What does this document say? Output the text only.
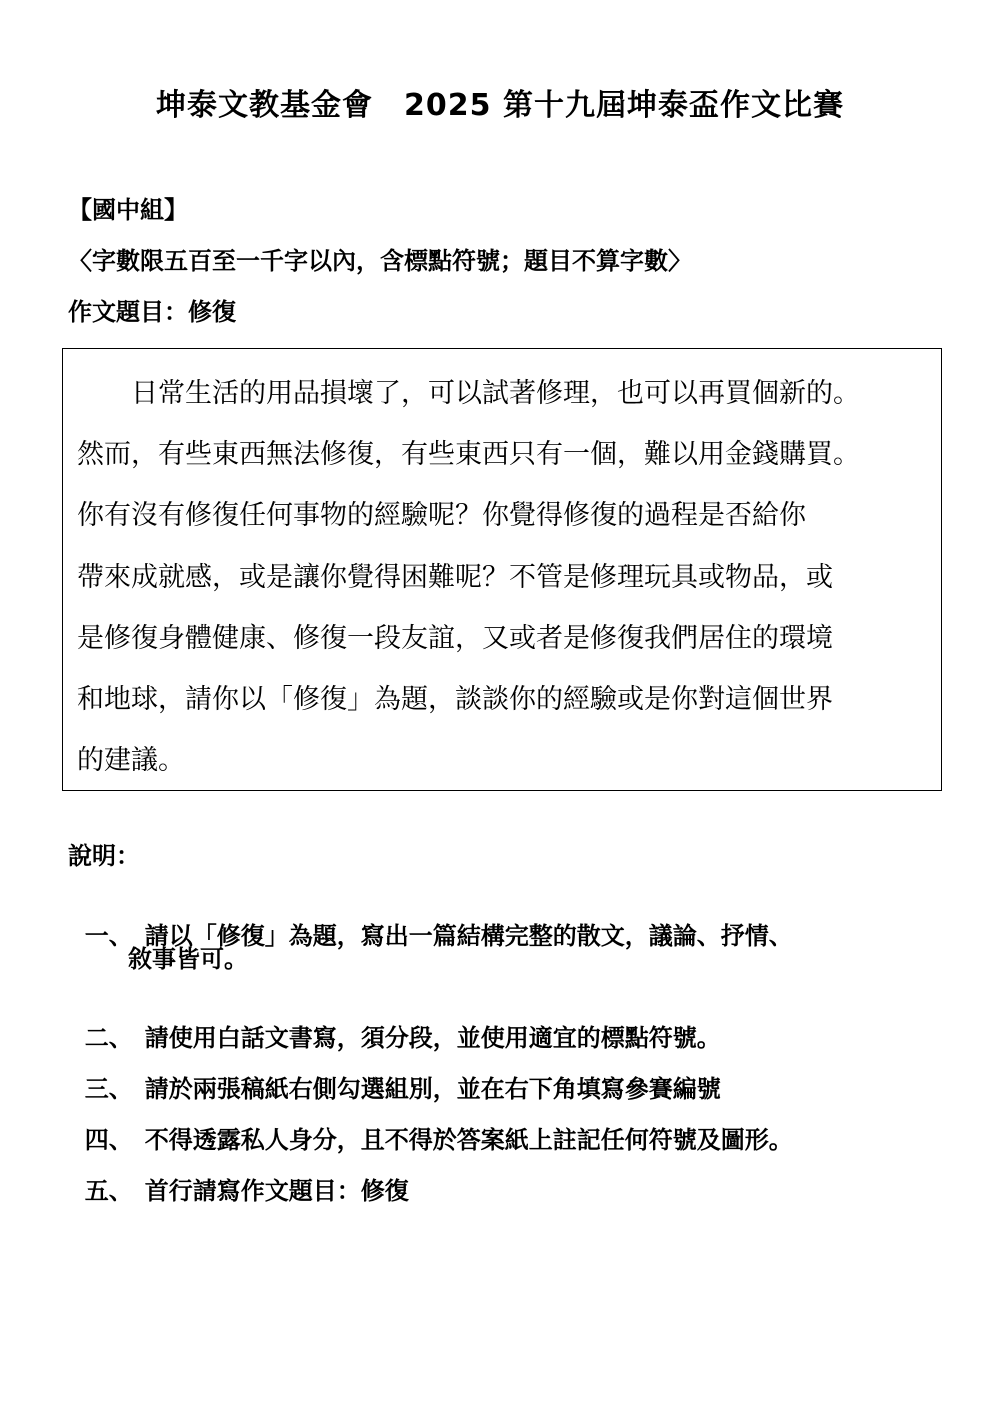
坤泰文教基金會　2025 第十九屆坤泰盃作文比賽
【國中組】
〈字數限五百至一千字以內，含標點符號；題目不算字數〉
作文題目：修復
　　日常生活的用品損壞了，可以試著修理，也可以再買個新的。
然而，有些東西無法修復，有些東西只有一個，難以用金錢購買。
你有沒有修復任何事物的經驗呢？你覺得修復的過程是否給你
帶來成就感，或是讓你覺得困難呢？不管是修理玩具或物品，或
是修復身體健康、修復一段友誼，又或者是修復我們居住的環境
和地球，請你以「修復」為題，談談你的經驗或是你對這個世界
的建議。
說明：

一、 請以「修復」為題，寫出一篇結構完整的散文，議論、抒情、

敘事皆可。

二、 請使用白話文書寫，須分段，並使用適宜的標點符號。

三、 請於兩張稿紙右側勾選組別，並在右下角填寫參賽編號

四、 不得透露私人身分，且不得於答案紙上註記任何符號及圖形。

五、 首行請寫作文題目：修復
